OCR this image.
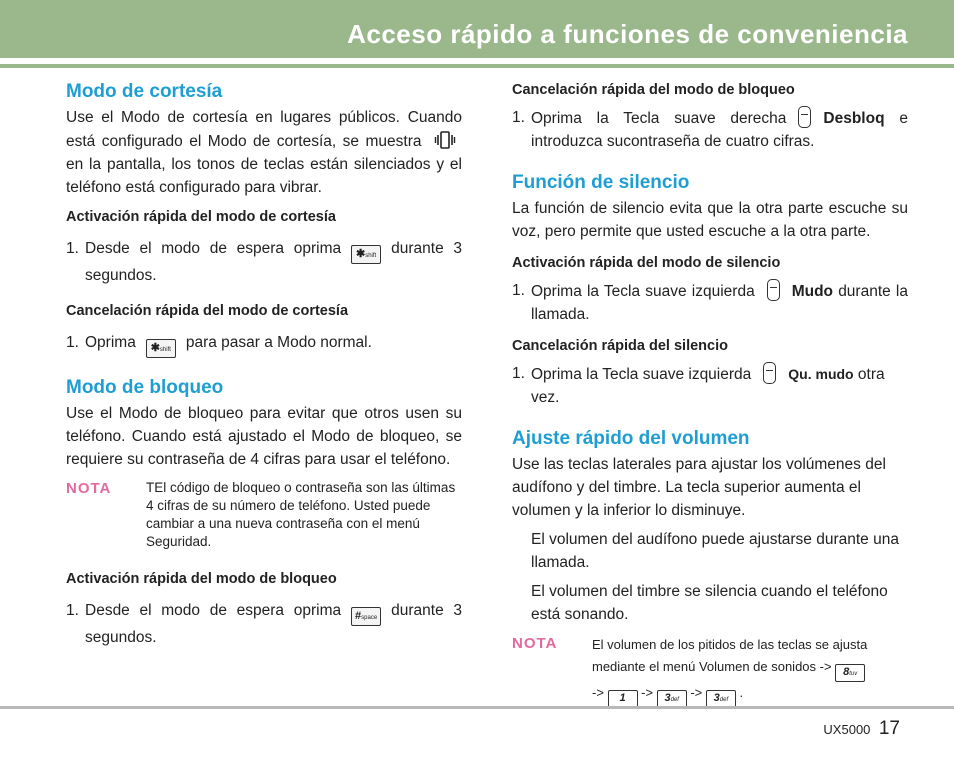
Acceso rápido a funciones de conveniencia
Modo de cortesía

Use el Modo de cortesía en lugares públicos. Cuando está configurado el Modo de cortesía, se muestra  en la pantalla, los tonos de teclas están silenciados y el teléfono está configurado para vibrar.

Activación rápida del modo de cortesía
1. Desde el modo de espera oprima ✱shift durante 3 segundos.
Cancelación rápida del modo de cortesía
1. Oprima ✱shift para pasar a Modo normal.
Modo de bloqueo

Use el Modo de bloqueo para evitar que otros usen su teléfono. Cuando está ajustado el Modo de bloqueo, se requiere su contraseña de 4 cifras para usar el teléfono.

NOTA	TEl código de bloqueo o contraseña son las últimas 4 cifras de su número de teléfono. Usted puede cambiar a una nueva contraseña con el menú Seguridad.
Activación rápida del modo de bloqueo
1. Desde el modo de espera oprima #space durante 3 segundos.
Cancelación rápida del modo de bloqueo
1. Oprima la Tecla suave derecha Desbloq e introduzca sucontraseña de cuatro cifras.
Función de silencio

La función de silencio evita que la otra parte escuche su voz, pero permite que usted escuche a la otra parte.

Activación rápida del modo de silencio
1. Oprima la Tecla suave izquierda Mudo durante la llamada.
Cancelación rápida del silencio
1. Oprima la Tecla suave izquierda	Qu. mudo otra vez.
Ajuste rápido del volumen

Use las teclas laterales para ajustar los volúmenes del audífono y del timbre. La tecla superior aumenta el volumen y la inferior lo disminuye.

El volumen del audífono puede ajustarse durante una llamada.

El volumen del timbre se silencia cuando el teléfono está sonando.

NOTA	El volumen de los pitidos de las teclas se ajusta mediante el menú Volumen de sonidos -> 8tuv
-> 1 -> 3def -> 3def .
UX5000 17
